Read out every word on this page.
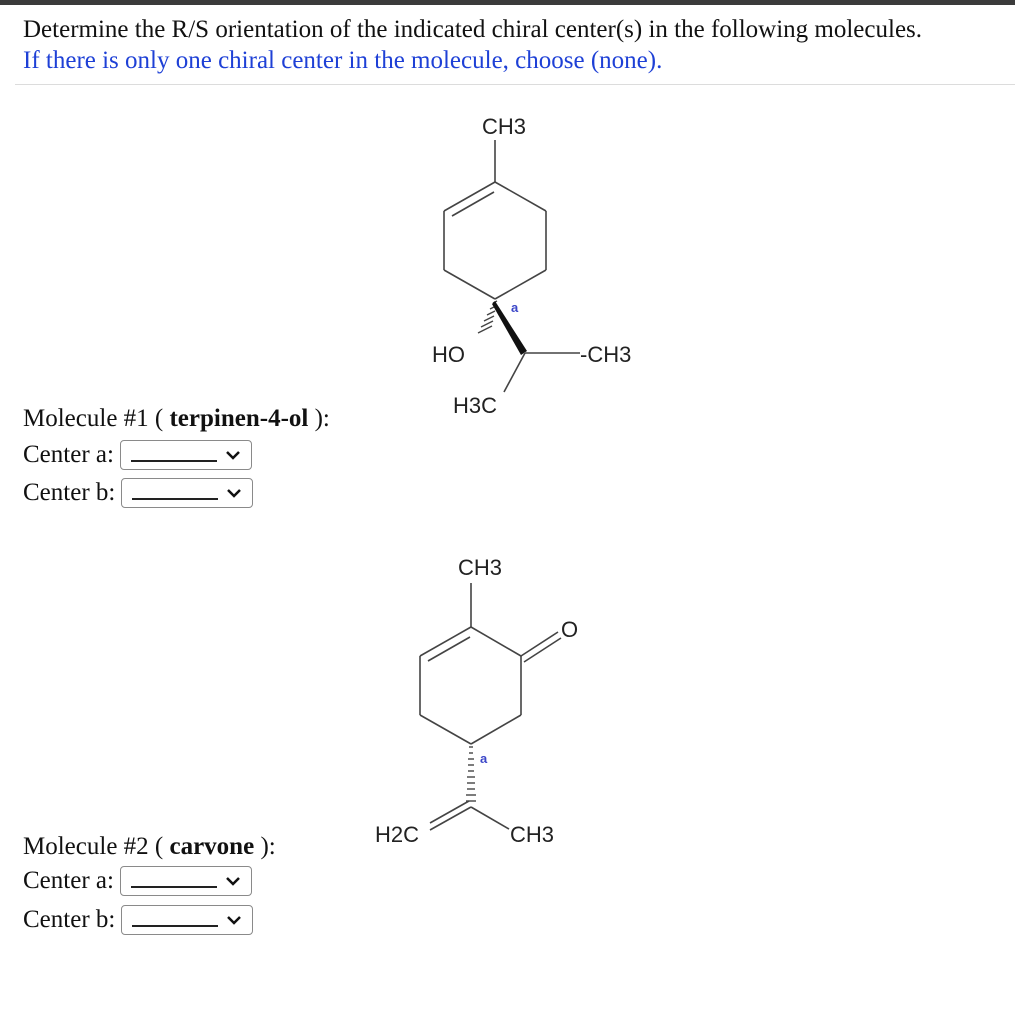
Determine the R/S orientation of the indicated chiral center(s) in the following molecules.
If there is only one chiral center in the molecule, choose (none).
CH3
HO	-CH3
H3C
a
Molecule #1 ( terpinen-4-ol ):
Center a:
Center b:
CH3
O
a
H2C	CH3
Molecule #2 ( carvone ):
Center a:
Center b:
